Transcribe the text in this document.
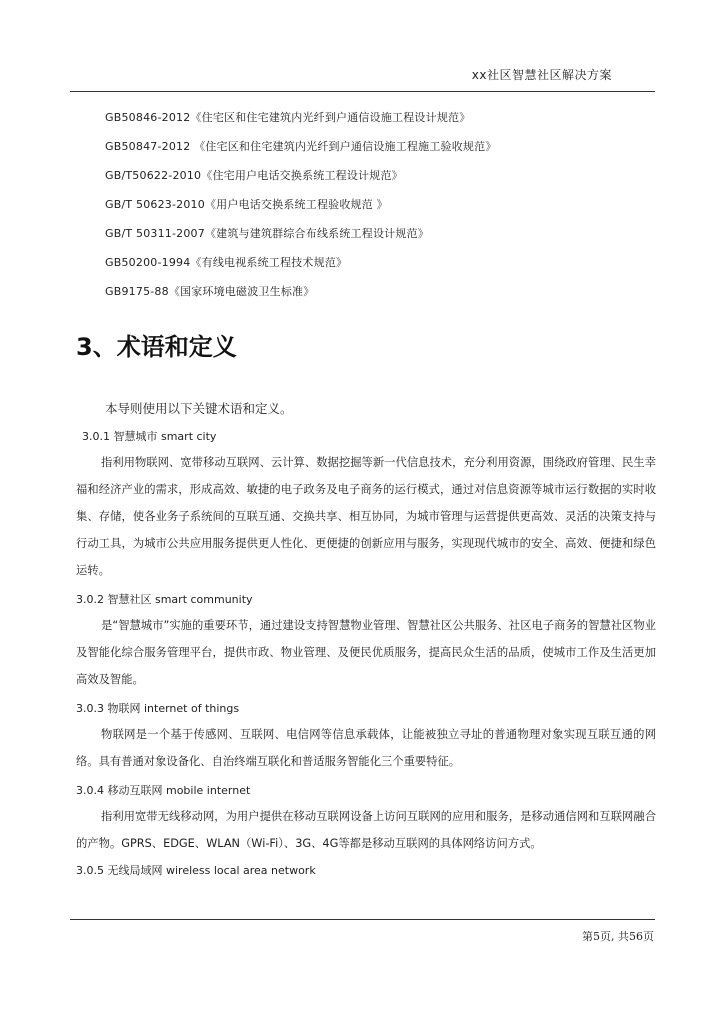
xx社区智慧社区解决方案
GB50846-2012《住宅区和住宅建筑内光纤到户通信设施工程设计规范》
GB50847-2012 《住宅区和住宅建筑内光纤到户通信设施工程施工验收规范》
GB/T50622-2010《住宅用户电话交换系统工程设计规范》
GB/T 50623-2010《用户电话交换系统工程验收规范 》
GB/T 50311-2007《建筑与建筑群综合布线系统工程设计规范》
GB50200-1994《有线电视系统工程技术规范》
GB9175-88《国家环境电磁波卫生标准》
3、术语和定义

本导则使用以下关键术语和定义。

3.0.1 智慧城市 smart city

指利用物联网、宽带移动互联网、云计算、数据挖掘等新一代信息技术，充分利用资源，围绕政府管理、民生幸福和经济产业的需求，形成高效、敏捷的电子政务及电子商务的运行模式，通过对信息资源等城市运行数据的实时收集、存储，使各业务子系统间的互联互通、交换共享、相互协同，为城市管理与运营提供更高效、灵活的决策支持与行动工具，为城市公共应用服务提供更人性化、更便捷的创新应用与服务，实现现代城市的安全、高效、便捷和绿色运转。

3.0.2 智慧社区 smart community

是“智慧城市”实施的重要环节，通过建设支持智慧物业管理、智慧社区公共服务、社区电子商务的智慧社区物业及智能化综合服务管理平台，提供市政、物业管理、及便民优质服务，提高民众生活的品质，使城市工作及生活更加高效及智能。

3.0.3 物联网 internet of things

物联网是一个基于传感网、互联网、电信网等信息承载体，让能被独立寻址的普通物理对象实现互联互通的网络。具有普通对象设备化、自治终端互联化和普适服务智能化三个重要特征。

3.0.4 移动互联网 mobile internet

指利用宽带无线移动网，为用户提供在移动互联网设备上访问互联网的应用和服务，是移动通信网和互联网融合的产物。GPRS、EDGE、WLAN（Wi-Fi）、3G、4G等都是移动互联网的具体网络访问方式。

3.0.5 无线局域网 wireless local area network

第5页, 共56页
